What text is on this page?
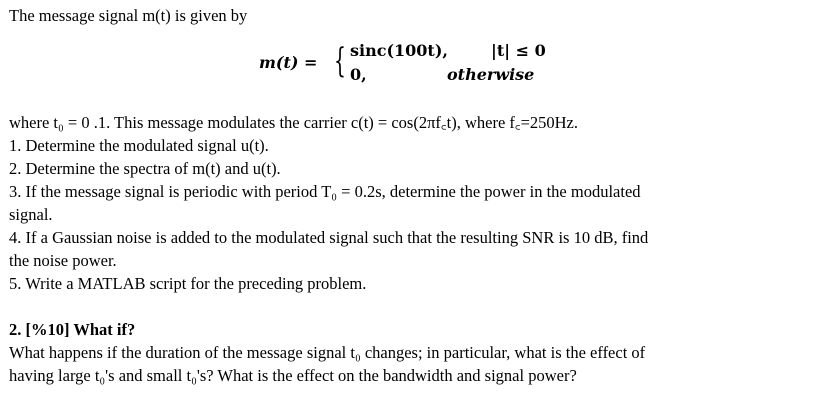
The message signal m(t) is given by
m(t) = { sinc(100t),	|t| ≤ 0
0,	otherwise
where t₀ = 0 .1. This message modulates the carrier c(t) = cos(2πf꜀t), where f꜀=250Hz.
1. Determine the modulated signal u(t).
2. Determine the spectra of m(t) and u(t).
3. If the message signal is periodic with period T₀ = 0.2s, determine the power in the modulated
signal.
4. If a Gaussian noise is added to the modulated signal such that the resulting SNR is 10 dB, find
the noise power.
5. Write a MATLAB script for the preceding problem.
2. [%10] What if?
What happens if the duration of the message signal t₀ changes; in particular, what is the effect of
having large t₀'s and small t₀'s? What is the effect on the bandwidth and signal power?
